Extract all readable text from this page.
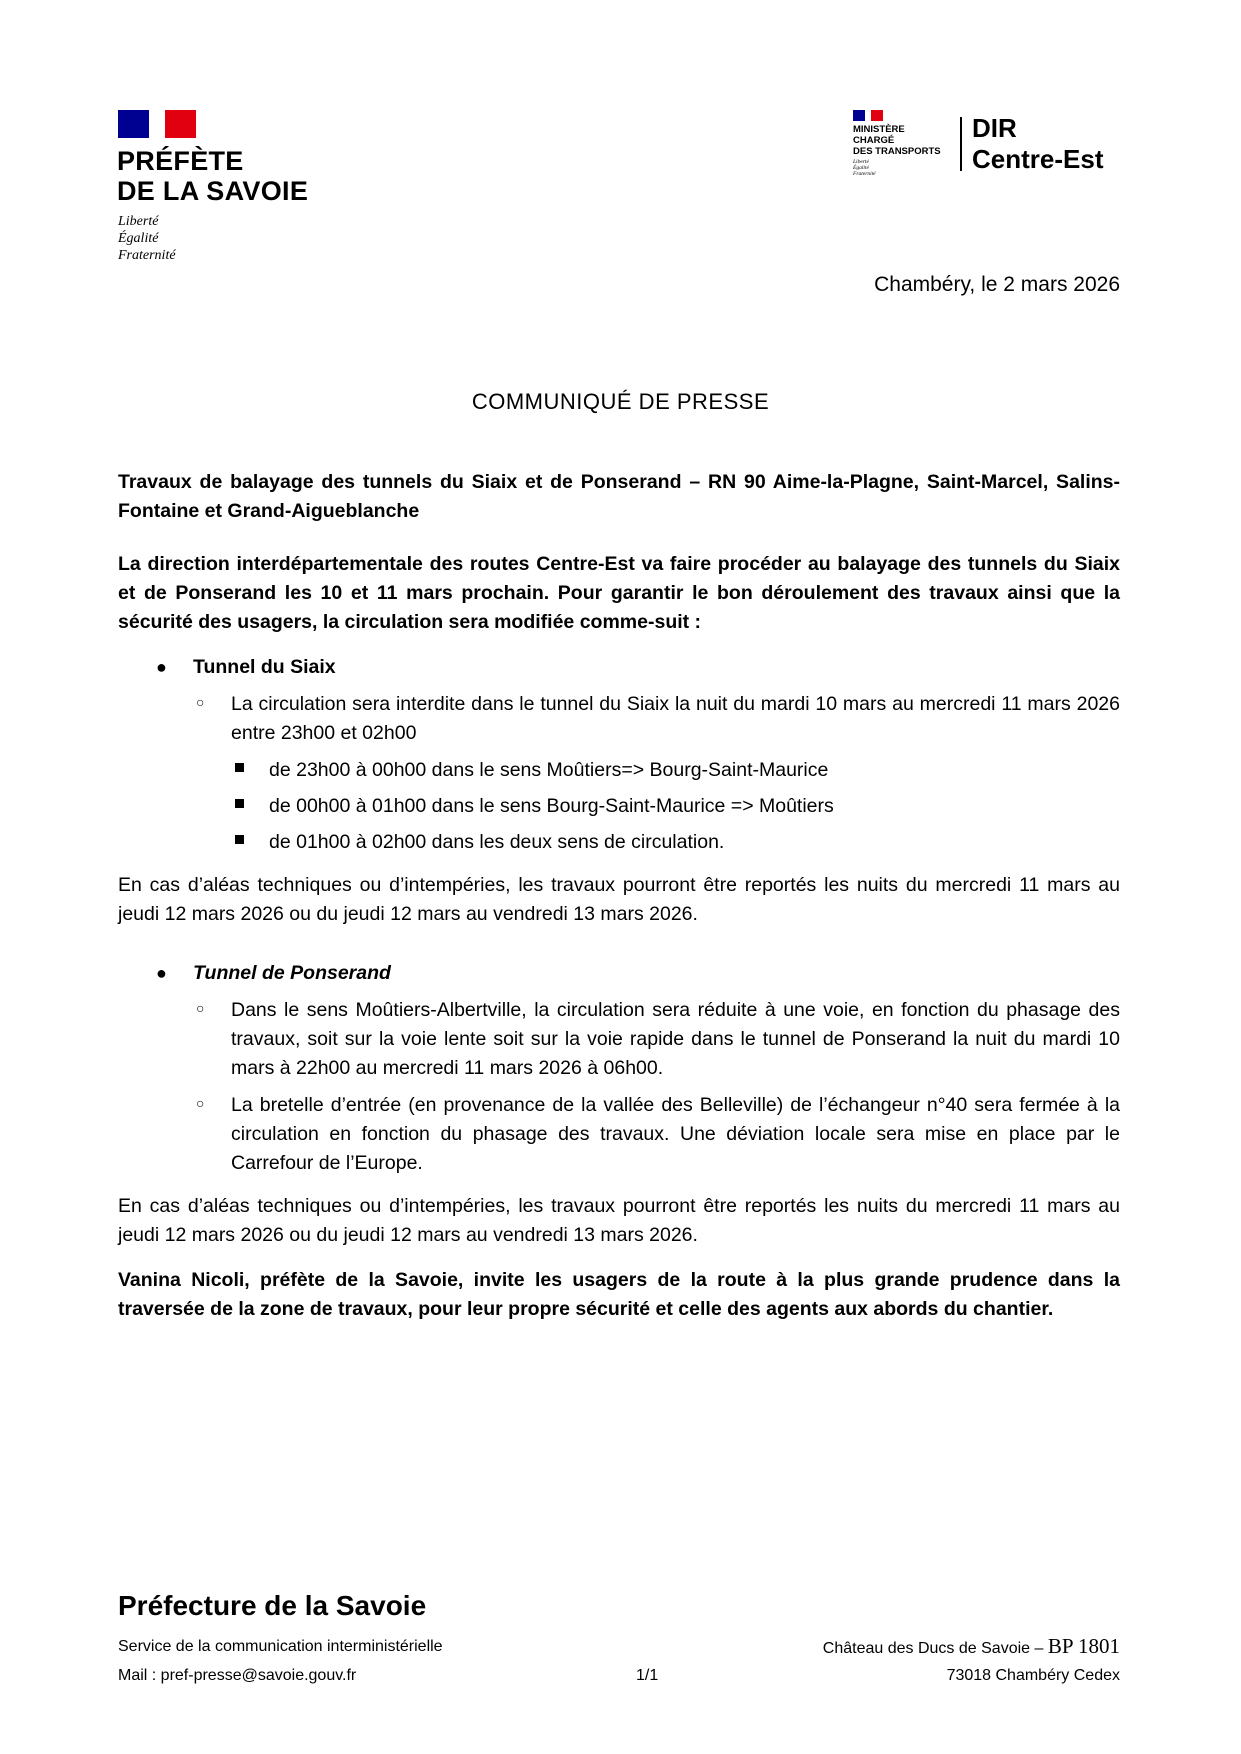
PRÉFÈTE
DE LA SAVOIE
Liberté
Égalité
Fraternité
MINISTÈRE
CHARGÉ
DES TRANSPORTS
Liberté
Égalité
Fraternité
DIR
Centre-Est
Chambéry, le 2 mars 2026
COMMUNIQUÉ DE PRESSE

Travaux de balayage des tunnels du Siaix et de Ponserand – RN 90 Aime-la-Plagne, Saint-Marcel, Salins-Fontaine et Grand-Aigueblanche

La direction interdépartementale des routes Centre-Est va faire procéder au balayage des tunnels du Siaix et de Ponserand les 10 et 11 mars prochain. Pour garantir le bon déroulement des travaux ainsi que la sécurité des usagers, la circulation sera modifiée comme-suit :

● Tunnel du Siaix
○ La circulation sera interdite dans le tunnel du Siaix la nuit du mardi 10 mars au mercredi 11 mars 2026 entre 23h00 et 02h00
de 23h00 à 00h00 dans le sens Moûtiers=> Bourg-Saint-Maurice
de 00h00 à 01h00 dans le sens Bourg-Saint-Maurice => Moûtiers
de 01h00 à 02h00 dans les deux sens de circulation.

En cas d’aléas techniques ou d’intempéries, les travaux pourront être reportés les nuits du mercredi 11 mars au jeudi 12 mars 2026 ou du jeudi 12 mars au vendredi 13 mars 2026.

● Tunnel de Ponserand
○ Dans le sens Moûtiers-Albertville, la circulation sera réduite à une voie, en fonction du phasage des travaux, soit sur la voie lente soit sur la voie rapide dans le tunnel de Ponserand la nuit du mardi 10 mars à 22h00 au mercredi 11 mars 2026 à 06h00.
○ La bretelle d’entrée (en provenance de la vallée des Belleville) de l’échangeur n°40 sera fermée à la circulation en fonction du phasage des travaux. Une déviation locale sera mise en place par le Carrefour de l’Europe.

En cas d’aléas techniques ou d’intempéries, les travaux pourront être reportés les nuits du mercredi 11 mars au jeudi 12 mars 2026 ou du jeudi 12 mars au vendredi 13 mars 2026.

Vanina Nicoli, préfète de la Savoie, invite les usagers de la route à la plus grande prudence dans la traversée de la zone de travaux, pour leur propre sécurité et celle des agents aux abords du chantier.

Préfecture de la Savoie
Service de la communication interministérielle
Mail : pref-presse@savoie.gouv.fr	1/1
Château des Ducs de Savoie – BP 1801
73018 Chambéry Cedex
